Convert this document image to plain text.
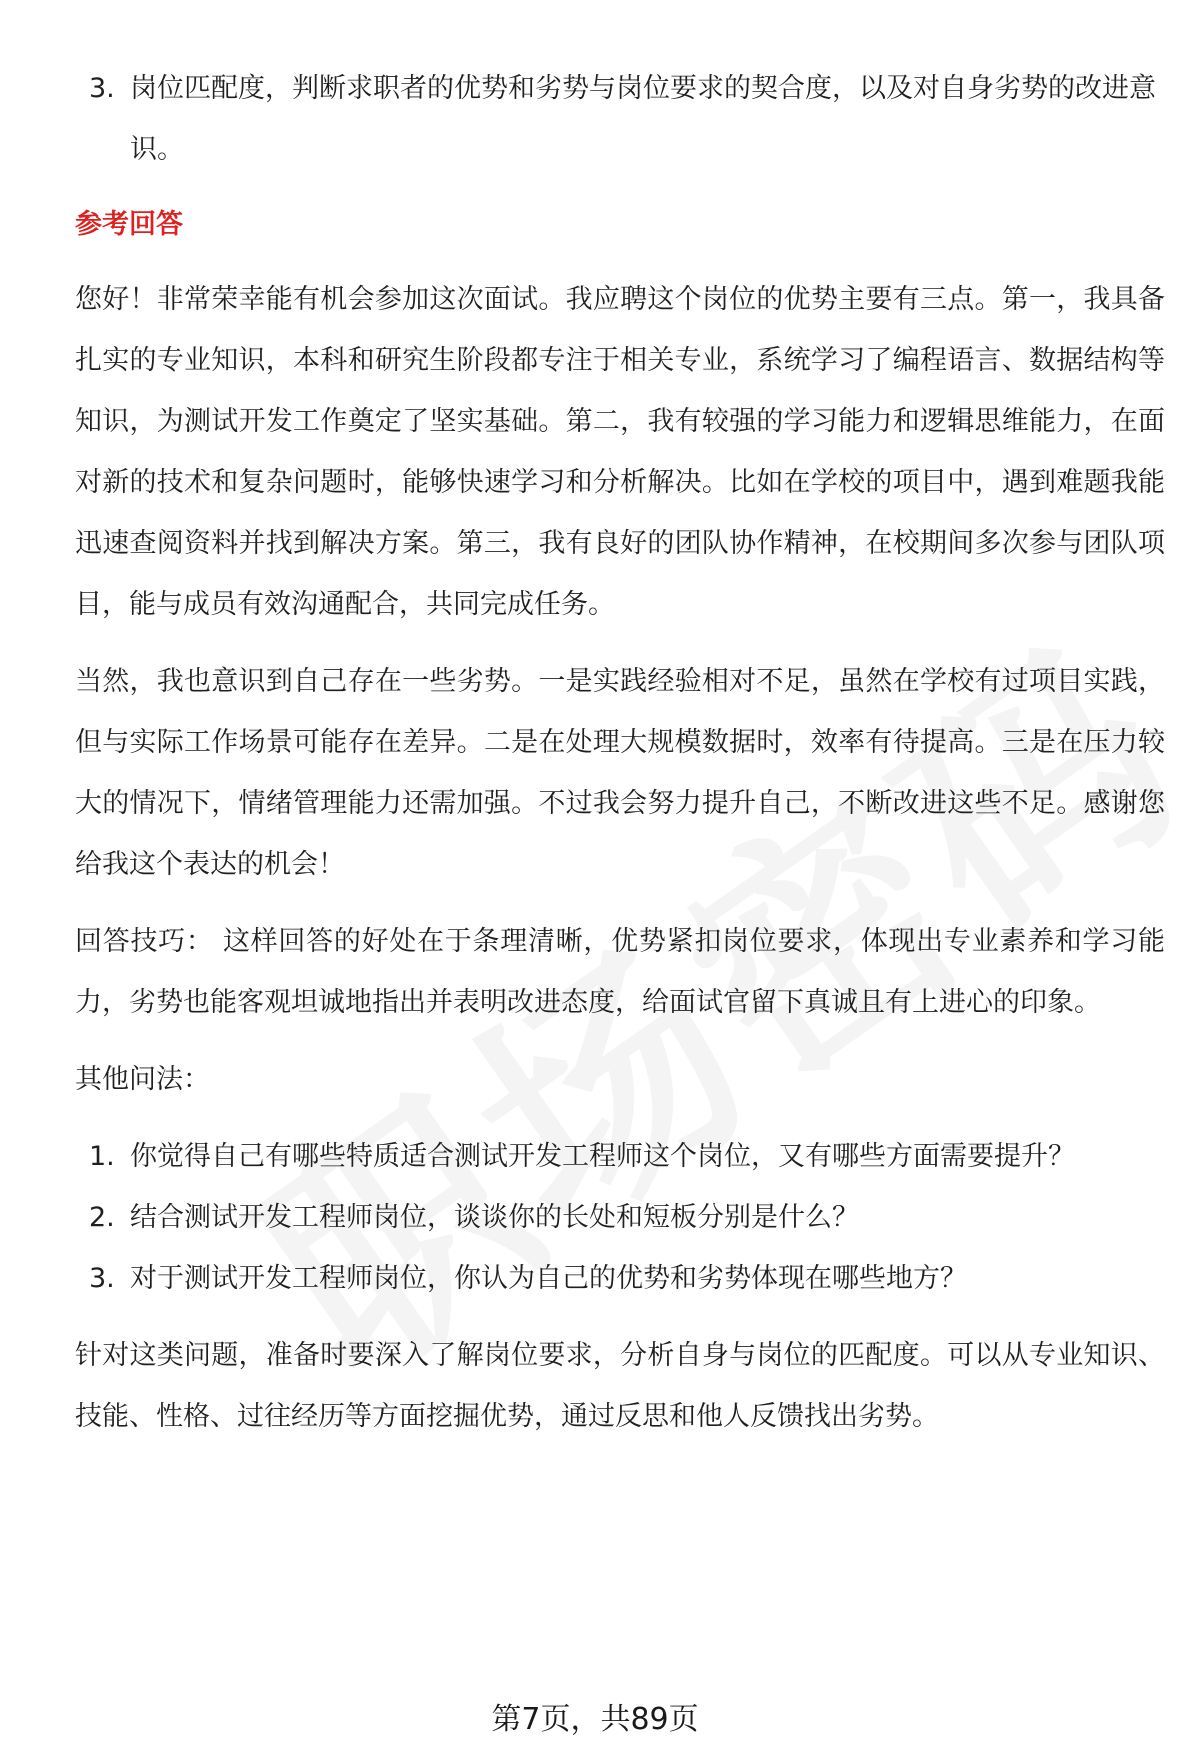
3. 岗位匹配度，判断求职者的优势和劣势与岗位要求的契合度，以及对自身劣势的改进意识。

参考回答

您好！非常荣幸能有机会参加这次面试。我应聘这个岗位的优势主要有三点。第一，我具备扎实的专业知识，本科和研究生阶段都专注于相关专业，系统学习了编程语言、数据结构等知识，为测试开发工作奠定了坚实基础。第二，我有较强的学习能力和逻辑思维能力，在面对新的技术和复杂问题时，能够快速学习和分析解决。比如在学校的项目中，遇到难题我能迅速查阅资料并找到解决方案。第三，我有良好的团队协作精神，在校期间多次参与团队项目，能与成员有效沟通配合，共同完成任务。

当然，我也意识到自己存在一些劣势。一是实践经验相对不足，虽然在学校有过项目实践，但与实际工作场景可能存在差异。二是在处理大规模数据时，效率有待提高。三是在压力较大的情况下，情绪管理能力还需加强。不过我会努力提升自己，不断改进这些不足。感谢您给我这个表达的机会！

回答技巧： 这样回答的好处在于条理清晰，优势紧扣岗位要求，体现出专业素养和学习能力，劣势也能客观坦诚地指出并表明改进态度，给面试官留下真诚且有上进心的印象。

其他问法：

1. 你觉得自己有哪些特质适合测试开发工程师这个岗位，又有哪些方面需要提升？
2. 结合测试开发工程师岗位，谈谈你的长处和短板分别是什么？
3. 对于测试开发工程师岗位，你认为自己的优势和劣势体现在哪些地方？

针对这类问题，准备时要深入了解岗位要求，分析自身与岗位的匹配度。可以从专业知识、技能、性格、过往经历等方面挖掘优势，通过反思和他人反馈找出劣势。

第7页，共89页
